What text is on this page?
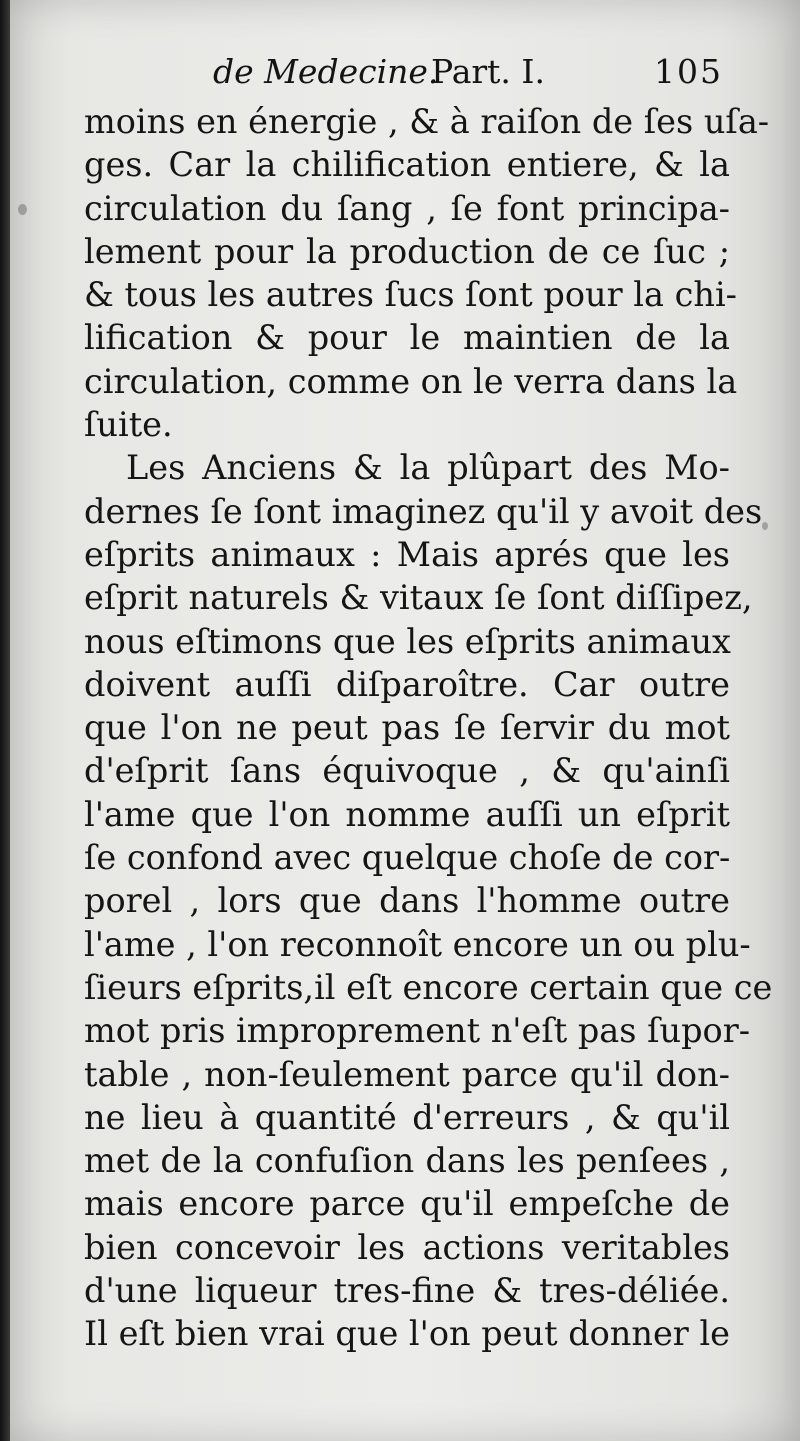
de Medecine.
Part. I.	105
moins en énergie , & à raiſon de ſes uſa-
ges. Car la chilification entiere, & la
circulation du ſang , ſe font principa-
lement pour la production de ce ſuc ;
& tous les autres ſucs ſont pour la chi-
lification & pour le maintien de la
circulation, comme on le verra dans la
ſuite.
Les Anciens & la plûpart des Mo-
dernes ſe ſont imaginez qu'il y avoit des
eſprits animaux : Mais aprés que les
eſprit naturels & vitaux ſe ſont diſſipez,
nous eſtimons que les eſprits animaux
doivent auſſi diſparoître. Car outre
que l'on ne peut pas ſe ſervir du mot
d'eſprit ſans équivoque , & qu'ainſi
l'ame que l'on nomme auſſi un eſprit
ſe confond avec quelque choſe de cor-
porel , lors que dans l'homme outre
l'ame , l'on reconnoît encore un ou plu-
ſieurs eſprits,il eſt encore certain que ce
mot pris improprement n'eſt pas ſupor-
table , non-ſeulement parce qu'il don-
ne lieu à quantité d'erreurs , & qu'il
met de la confuſion dans les penſees ,
mais encore parce qu'il empeſche de
bien concevoir les actions veritables
d'une liqueur tres-fine & tres-déliée.
Il eſt bien vrai que l'on peut donner le
